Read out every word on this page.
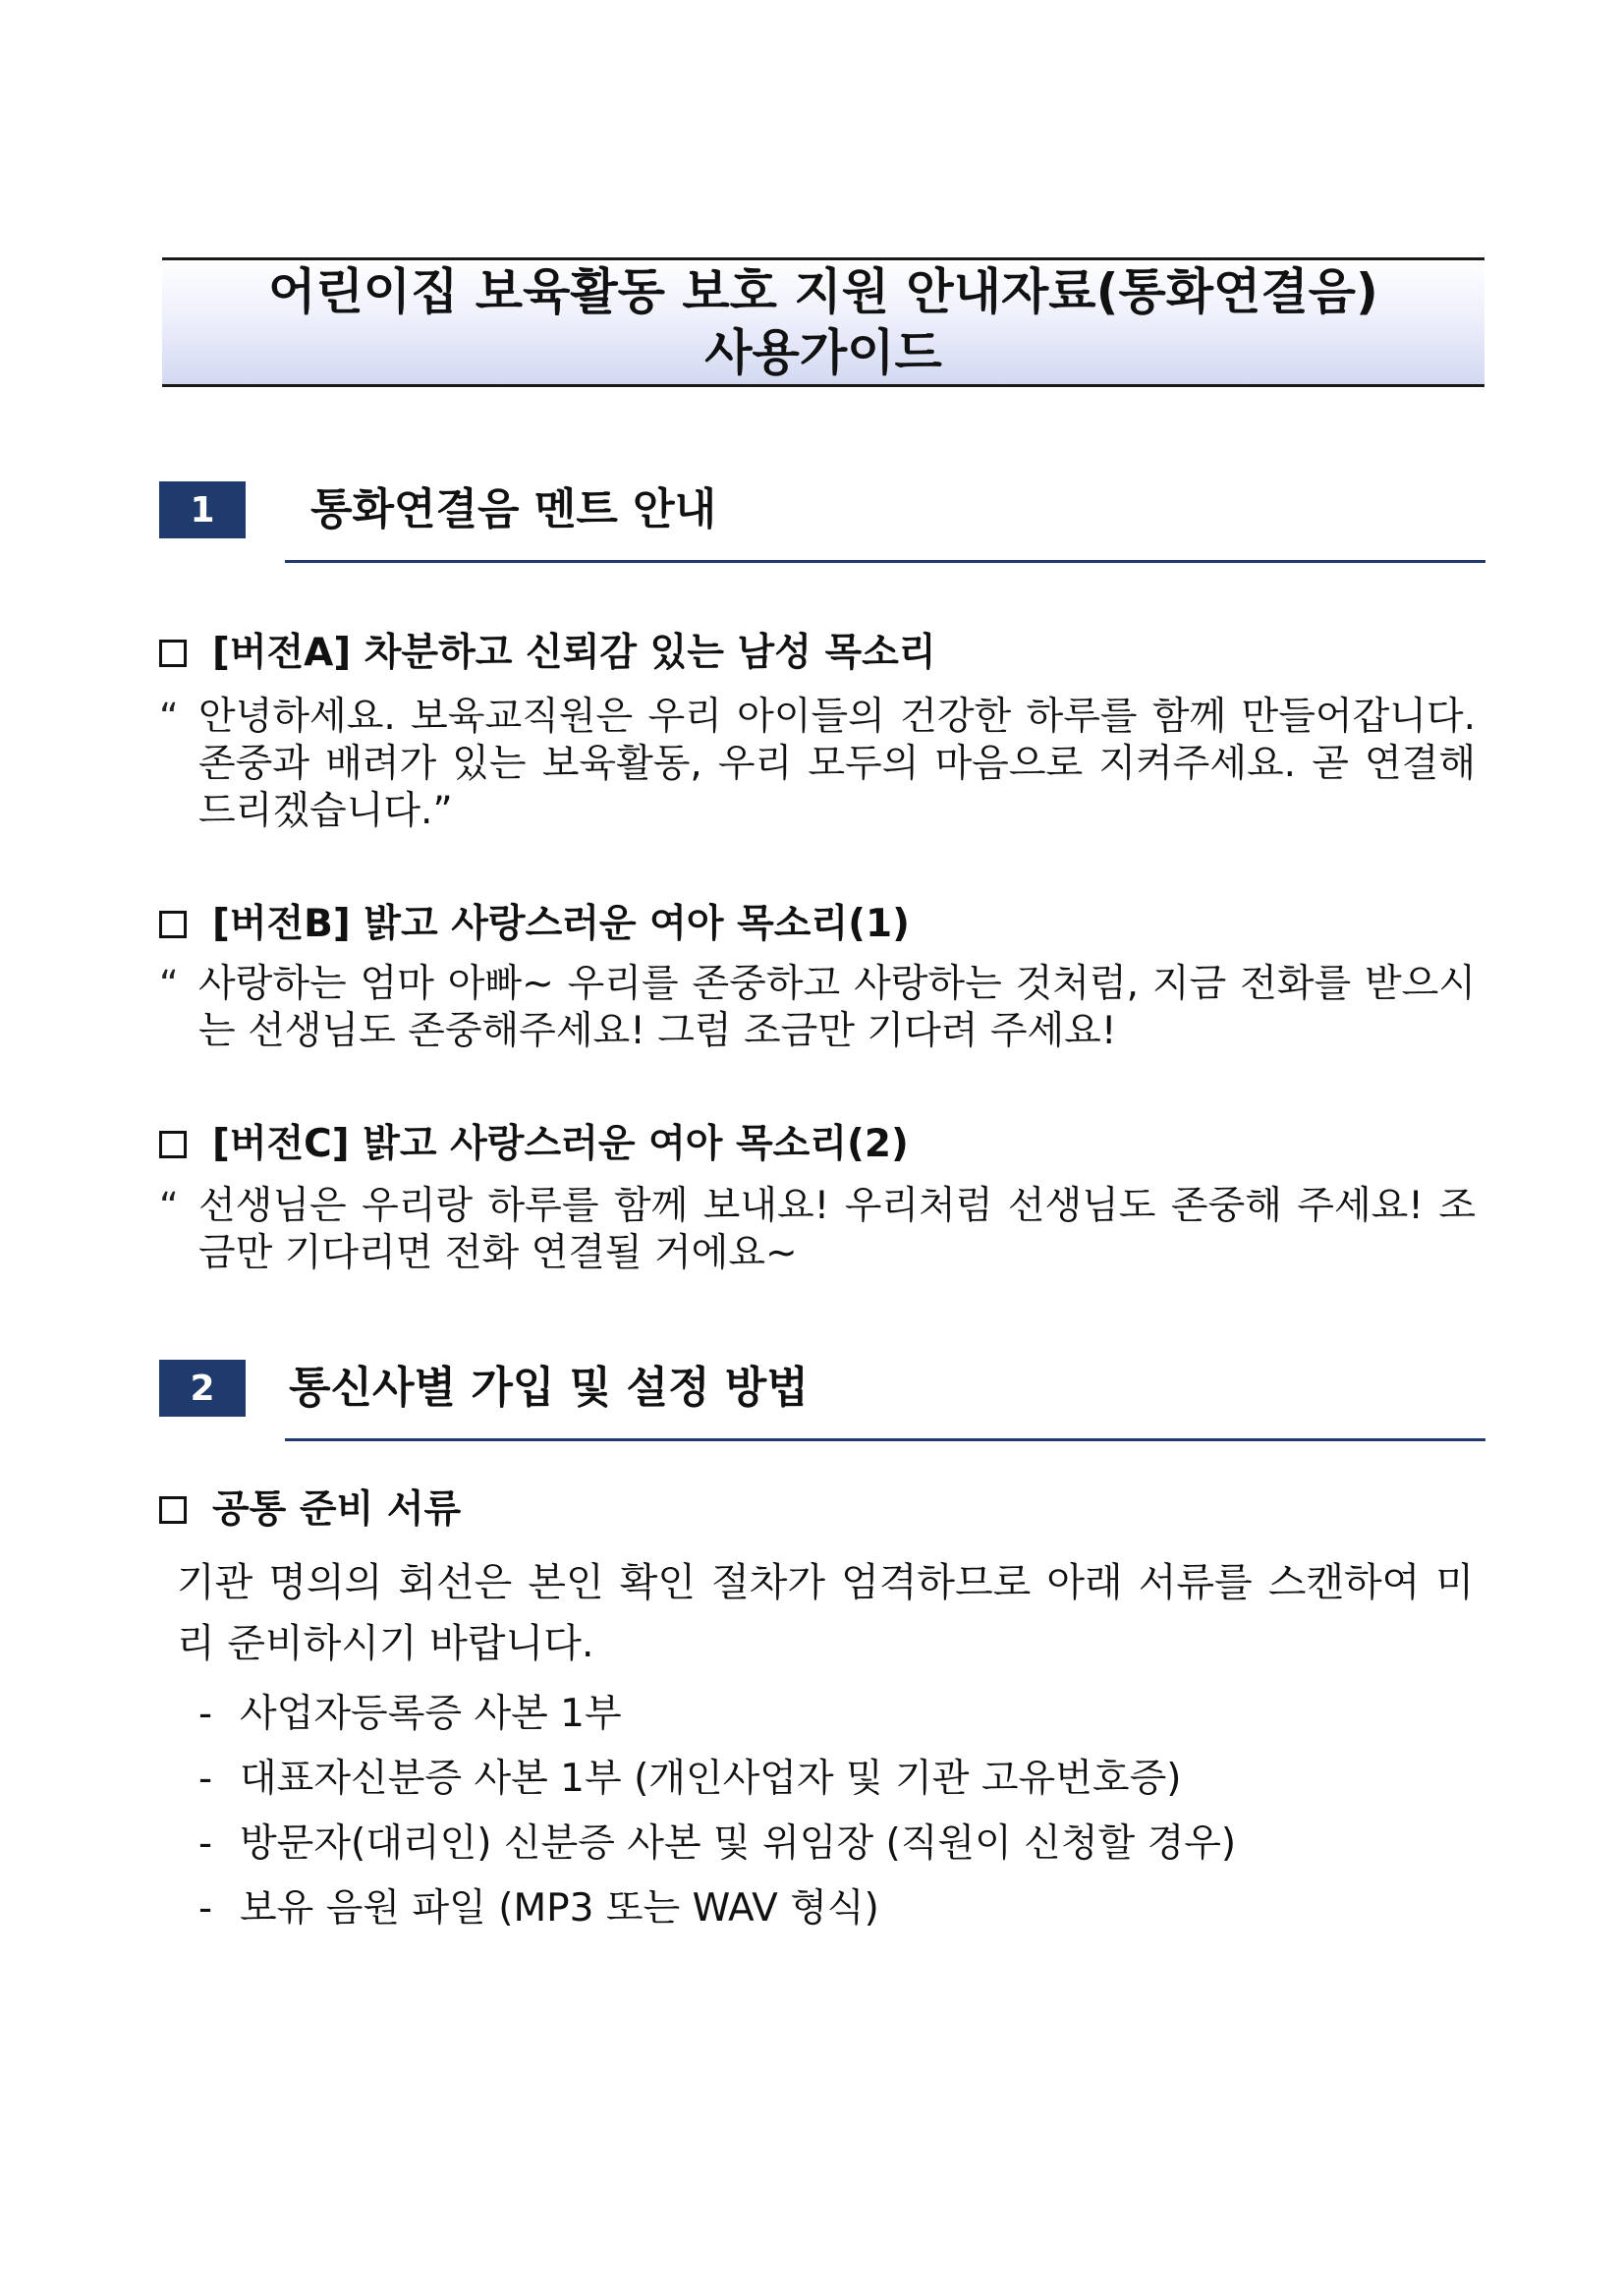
어린이집 보육활동 보호 지원 안내자료(통화연결음)
사용가이드
1	통화연결음 멘트 안내
[버전A] 차분하고 신뢰감 있는 남성 목소리
“ 안녕하세요. 보육교직원은 우리 아이들의 건강한 하루를 함께 만들어갑니다. 존중과 배려가 있는 보육활동, 우리 모두의 마음으로 지켜주세요. 곧 연결해 드리겠습니다.”
[버전B] 밝고 사랑스러운 여아 목소리(1)
“ 사랑하는 엄마 아빠~ 우리를 존중하고 사랑하는 것처럼, 지금 전화를 받으시는 선생님도 존중해주세요! 그럼 조금만 기다려 주세요!
[버전C] 밝고 사랑스러운 여아 목소리(2)
“ 선생님은 우리랑 하루를 함께 보내요! 우리처럼 선생님도 존중해 주세요! 조금만 기다리면 전화 연결될 거에요~
2	통신사별 가입 및 설정 방법
공통 준비 서류
기관 명의의 회선은 본인 확인 절차가 엄격하므로 아래 서류를 스캔하여 미리 준비하시기 바랍니다.
- 사업자등록증 사본 1부
- 대표자신분증 사본 1부 (개인사업자 및 기관 고유번호증)
- 방문자(대리인) 신분증 사본 및 위임장 (직원이 신청할 경우)
- 보유 음원 파일 (MP3 또는 WAV 형식)
